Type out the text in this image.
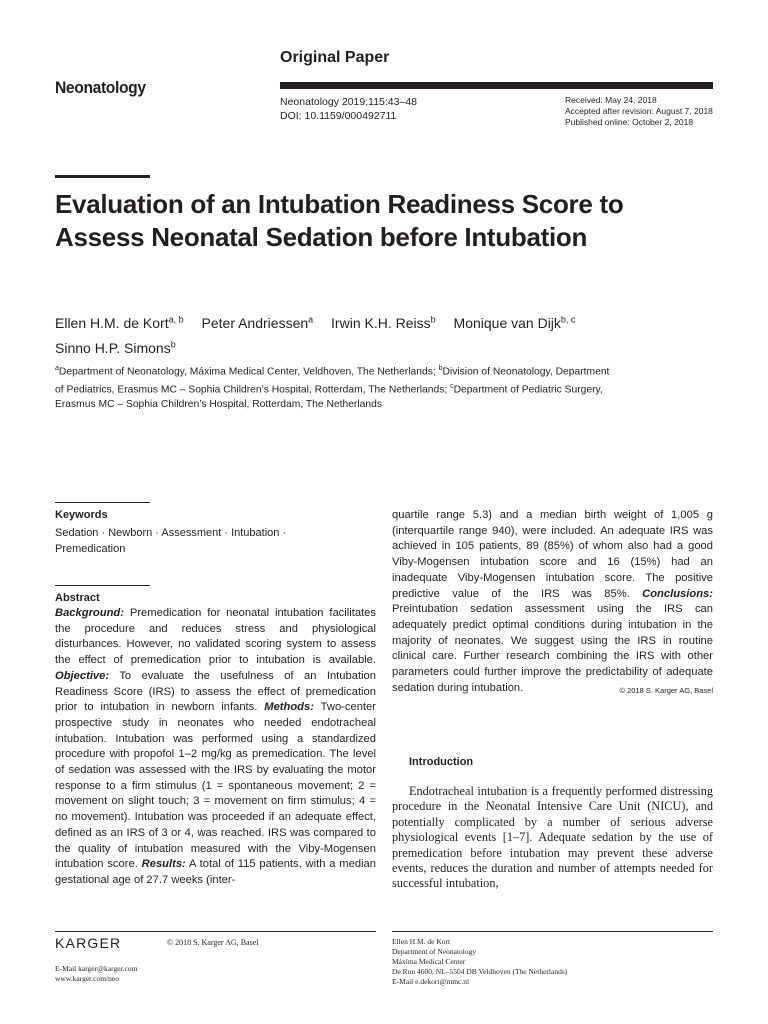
Neonatology
Original Paper
Neonatology 2019;115:43–48
DOI: 10.1159/000492711
Received: May 24, 2018
Accepted after revision: August 7, 2018
Published online: October 2, 2018
Evaluation of an Intubation Readiness Score to Assess Neonatal Sedation before Intubation
Ellen H.M. de Kort$^{a, b}$ Peter Andriessen$^a$ Irwin K.H. Reiss$^b$ Monique van Dijk$^{b, c}$
Sinno H.P. Simons$^b$
$^a$Department of Neonatology, Máxima Medical Center, Veldhoven, The Netherlands; $^b$Division of Neonatology, Department of Pediatrics, Erasmus MC – Sophia Children’s Hospital, Rotterdam, The Netherlands; $^c$Department of Pediatric Surgery, Erasmus MC – Sophia Children’s Hospital, Rotterdam, The Netherlands
Keywords
Sedation · Newborn · Assessment · Intubation · Premedication
Abstract
Background: Premedication for neonatal intubation facilitates the procedure and reduces stress and physiological disturbances. However, no validated scoring system to assess the effect of premedication prior to intubation is available. Objective: To evaluate the usefulness of an Intubation Readiness Score (IRS) to assess the effect of premedication prior to intubation in newborn infants. Methods: Two-center prospective study in neonates who needed endotracheal intubation. Intubation was performed using a standardized procedure with propofol 1–2 mg/kg as premedication. The level of sedation was assessed with the IRS by evaluating the motor response to a firm stimulus (1 = spontaneous movement; 2 = movement on slight touch; 3 = movement on firm stimulus; 4 = no movement). Intubation was proceeded if an adequate effect, defined as an IRS of 3 or 4, was reached. IRS was compared to the quality of intubation measured with the Viby-Mogensen intubation score. Results: A total of 115 patients, with a median gestational age of 27.7 weeks (inter-
quartile range 5.3) and a median birth weight of 1,005 g (interquartile range 940), were included. An adequate IRS was achieved in 105 patients, 89 (85%) of whom also had a good Viby-Mogensen intubation score and 16 (15%) had an inadequate Viby-Mogensen intubation score. The positive predictive value of the IRS was 85%. Conclusions: Preintubation sedation assessment using the IRS can adequately predict optimal conditions during intubation in the majority of neonates. We suggest using the IRS in routine clinical care. Further research combining the IRS with other parameters could further improve the predictability of adequate sedation during intubation.	© 2018 S. Karger AG, Basel
Introduction
Endotracheal intubation is a frequently performed distressing procedure in the Neonatal Intensive Care Unit (NICU), and potentially complicated by a number of serious adverse physiological events [1–7]. Adequate sedation by the use of premedication before intubation may prevent these adverse events, reduces the duration and number of attempts needed for successful intubation,
KARGER	© 2018 S. Karger AG, Basel
E-Mail karger@karger.com
www.karger.com/neo
Ellen H.M. de Kort
Department of Neonatology
Máxima Medical Center
De Run 4600, NL–5504 DB Veldhoven (The Netherlands)
E-Mail e.dekort@mmc.nl
